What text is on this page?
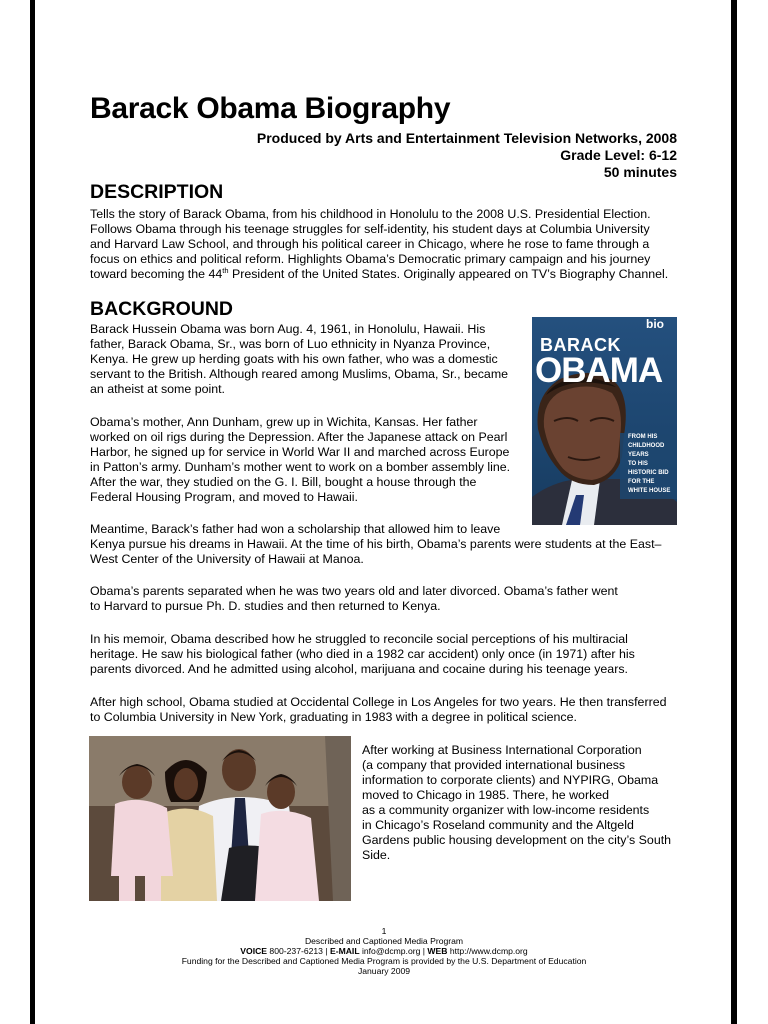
Barack Obama Biography
Produced by Arts and Entertainment Television Networks, 2008
Grade Level: 6-12
50 minutes
DESCRIPTION
Tells the story of Barack Obama, from his childhood in Honolulu to the 2008 U.S. Presidential Election.
Follows Obama through his teenage struggles for self-identity, his student days at Columbia University
and Harvard Law School, and through his political career in Chicago, where he rose to fame through a
focus on ethics and political reform. Highlights Obama’s Democratic primary campaign and his journey
toward becoming the 44th President of the United States. Originally appeared on TV’s Biography Channel.
BACKGROUND
Barack Hussein Obama was born Aug. 4, 1961, in Honolulu, Hawaii. His
father, Barack Obama, Sr., was born of Luo ethnicity in Nyanza Province,
Kenya. He grew up herding goats with his own father, who was a domestic
servant to the British. Although reared among Muslims, Obama, Sr., became
an atheist at some point.
Obama’s mother, Ann Dunham, grew up in Wichita, Kansas. Her father
worked on oil rigs during the Depression. After the Japanese attack on Pearl
Harbor, he signed up for service in World War II and marched across Europe
in Patton’s army. Dunham’s mother went to work on a bomber assembly line.
After the war, they studied on the G. I. Bill, bought a house through the
Federal Housing Program, and moved to Hawaii.
Meantime, Barack’s father had won a scholarship that allowed him to leave
Kenya pursue his dreams in Hawaii. At the time of his birth, Obama’s parents were students at the East–
West Center of the University of Hawaii at Manoa.
Obama’s parents separated when he was two years old and later divorced. Obama’s father went
to Harvard to pursue Ph. D. studies and then returned to Kenya.
In his memoir, Obama described how he struggled to reconcile social perceptions of his multiracial
heritage. He saw his biological father (who died in a 1982 car accident) only once (in 1971) after his
parents divorced. And he admitted using alcohol, marijuana and cocaine during his teenage years.
After high school, Obama studied at Occidental College in Los Angeles for two years. He then transferred
to Columbia University in New York, graduating in 1983 with a degree in political science.
After working at Business International Corporation
(a company that provided international business
information to corporate clients) and NYPIRG, Obama
moved to Chicago in 1985. There, he worked
as a community organizer with low-income residents
in Chicago’s Roseland community and the Altgeld
Gardens public housing development on the city’s South
Side.
bio
BARACK
OBAMA
FROM HIS
CHILDHOOD
YEARS
TO HIS
HISTORIC BID
FOR THE
WHITE HOUSE
1
Described and Captioned Media Program
VOICE 800-237-6213 | E-MAIL info@dcmp.org | WEB http://www.dcmp.org
Funding for the Described and Captioned Media Program is provided by the U.S. Department of Education
January 2009
